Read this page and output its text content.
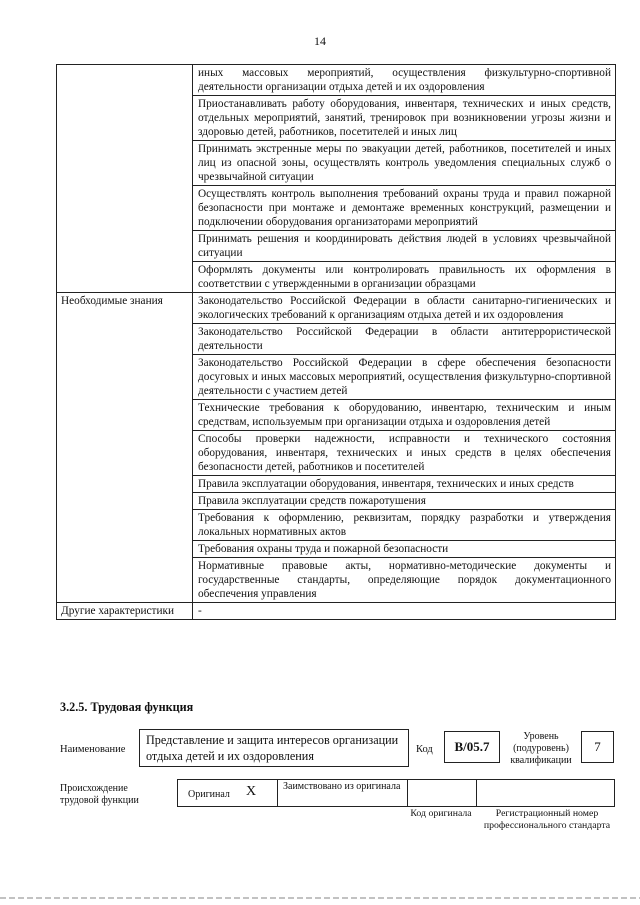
14
	иных массовых мероприятий, осуществления физкультурно-спортивной деятельности организации отдыха детей и их оздоровления
	Приостанавливать работу оборудования, инвентаря, технических и иных средств, отдельных мероприятий, занятий, тренировок при возникновении угрозы жизни и здоровью детей, работников, посетителей и иных лиц
	Принимать экстренные меры по эвакуации детей, работников, посетителей и иных лиц из опасной зоны, осуществлять контроль уведомления специальных служб о чрезвычайной ситуации
	Осуществлять контроль выполнения требований охраны труда и правил пожарной безопасности при монтаже и демонтаже временных конструкций, размещении и подключении оборудования организаторами мероприятий
	Принимать решения и координировать действия людей в условиях чрезвычайной ситуации
	Оформлять документы или контролировать правильность их оформления в соответствии с утвержденными в организации образцами
Необходимые знания	Законодательство Российской Федерации в области санитарно-гигиенических и экологических требований к организациям отдыха детей и их оздоровления
	Законодательство Российской Федерации в области антитеррористической деятельности
	Законодательство Российской Федерации в сфере обеспечения безопасности досуговых и иных массовых мероприятий, осуществления физкультурно-спортивной деятельности с участием детей
	Технические требования к оборудованию, инвентарю, техническим и иным средствам, используемым при организации отдыха и оздоровления детей
	Способы проверки надежности, исправности и технического состояния оборудования, инвентаря, технических и иных средств в целях обеспечения безопасности детей, работников и посетителей
	Правила эксплуатации оборудования, инвентаря, технических и иных средств
	Правила эксплуатации средств пожаротушения
	Требования к оформлению, реквизитам, порядку разработки и утверждения локальных нормативных актов
	Требования охраны труда и пожарной безопасности
	Нормативные правовые акты, нормативно-методические документы и государственные стандарты, определяющие порядок документационного обеспечения управления
Другие характеристики	-
3.2.5. Трудовая функция
Наименование
Представление и защита интересов организации отдыха детей и их оздоровления	Код	B/05.7
Уровень (подуровень) квалификации
7
Происхождение трудовой функции
Оригинал X	Заимствовано из оригинала
Код оригинала	Регистрационный номер профессионального стандарта
